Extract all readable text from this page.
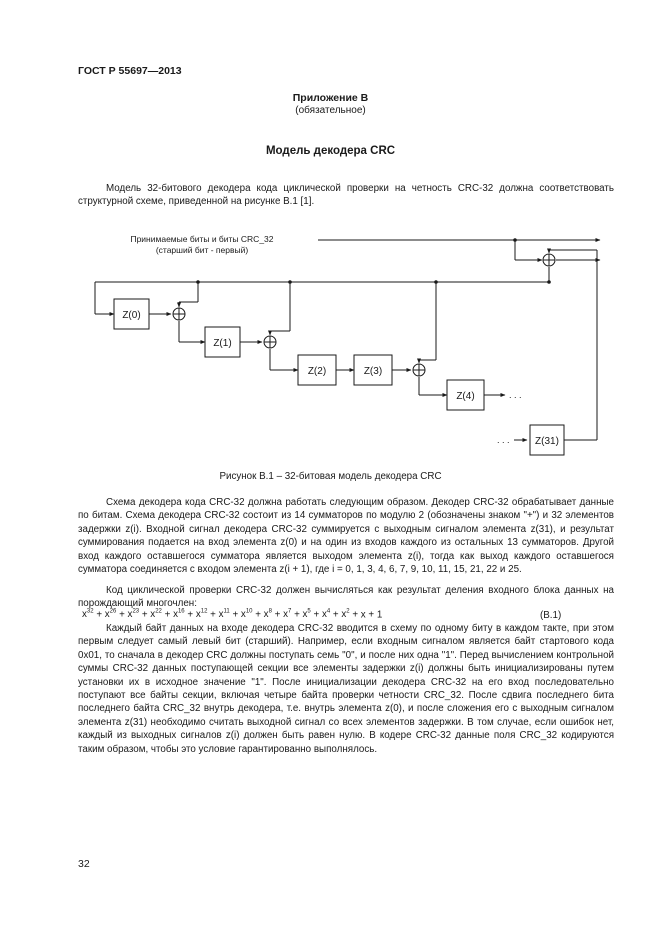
ГОСТ Р 55697—2013
Приложение В
(обязательное)
Модель декодера CRC

Модель 32-битового декодера кода циклической проверки на четность CRC-32 должна соответствовать структурной схеме, приведенной на рисунке В.1 [1].

Z(0)
Z(1)
Z(2)	Z(3)
Z(4)
Z(31)
. . .
. . .
Принимаемые биты и биты CRC_32
(старший бит - первый)
Рисунок В.1 – 32-битовая модель декодера CRC

Схема декодера кода CRC-32 должна работать следующим образом. Декодер CRC-32 обрабатывает данные по битам. Схема декодера CRC-32 состоит из 14 сумматоров по модулю 2 (обозначены знаком "+") и 32 элементов задержки z(i). Входной сигнал декодера CRC-32 суммируется с выходным сигналом элемента z(31), и результат суммирования подается на вход элемента z(0) и на один из входов каждого из остальных 13 сумматоров. Другой вход каждого оставшегося сумматора является выходом элемента z(i), тогда как выход каждого оставшегося сумматора соединяется с входом элемента z(i + 1), где i = 0, 1, 3, 4, 6, 7, 9, 10, 11, 15, 21, 22 и 25.

Код циклической проверки CRC-32 должен вычисляться как результат деления входного блока данных на порождающий многочлен:

$x^{32} + x^{26} + x^{23} + x^{22} + x^{16} + x^{12} + x^{11} + x^{10} + x^8 + x^7 + x^5 + x^4 + x^2 + x + 1$	(В.1)

Каждый байт данных на входе декодера CRC-32 вводится в схему по одному биту в каждом такте, при этом первым следует самый левый бит (старший). Например, если входным сигналом является байт стартового кода 0x01, то сначала в декодер CRC должны поступать семь "0", и после них одна "1". Перед вычислением контрольной суммы CRC-32 данных поступающей секции все элементы задержки z(i) должны быть инициализированы путем установки их в исходное значение "1". После инициализации декодера CRC-32 на его вход последовательно поступают все байты секции, включая четыре байта проверки четности CRC_32. После сдвига последнего бита последнего байта CRC_32 внутрь декодера, т.е. внутрь элемента z(0), и после сложения его с выходным сигналом элемента z(31) необходимо считать выходной сигнал со всех элементов задержки. В том случае, если ошибок нет, каждый из выходных сигналов z(i) должен быть равен нулю. В кодере CRC-32 данные поля CRC_32 кодируются таким образом, чтобы это условие гарантированно выполнялось.

32
